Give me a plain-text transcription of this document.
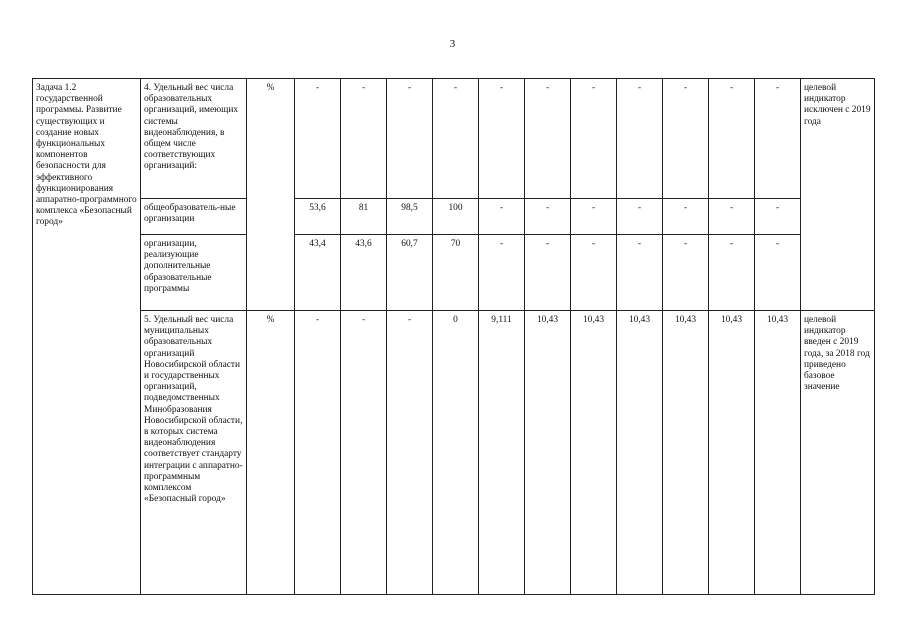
3
Задача 1.2 государственной программы. Развитие существующих и создание новых функциональных компонентов безопасности для эффективного функционирования аппаратно-программного комплекса «Безопасный город»	4. Удельный вес числа образовательных организаций, имеющих системы видеонаблюдения, в общем числе соответствующих организаций:	%	-	-	-	-	-	-	-	-	-	-	-	целевой индикатор исключен с 2019 года
	общеобразователь-ные организации		53,6	81	98,5	100	-	-	-	-	-	-	-	
	организации, реализующие дополнительные образовательные программы		43,4	43,6	60,7	70	-	-	-	-	-	-	-	
	5. Удельный вес числа муниципальных образовательных организаций Новосибирской области и государственных организаций, подведомственных Минобразования Новосибирской области, в которых система видеонаблюдения соответствует стандарту интеграции с аппаратно-программным комплексом «Безопасный город»	%	-	-	-	0	9,111	10,43	10,43	10,43	10,43	10,43	10,43	целевой индикатор введен с 2019 года, за 2018 год приведено базовое значение
